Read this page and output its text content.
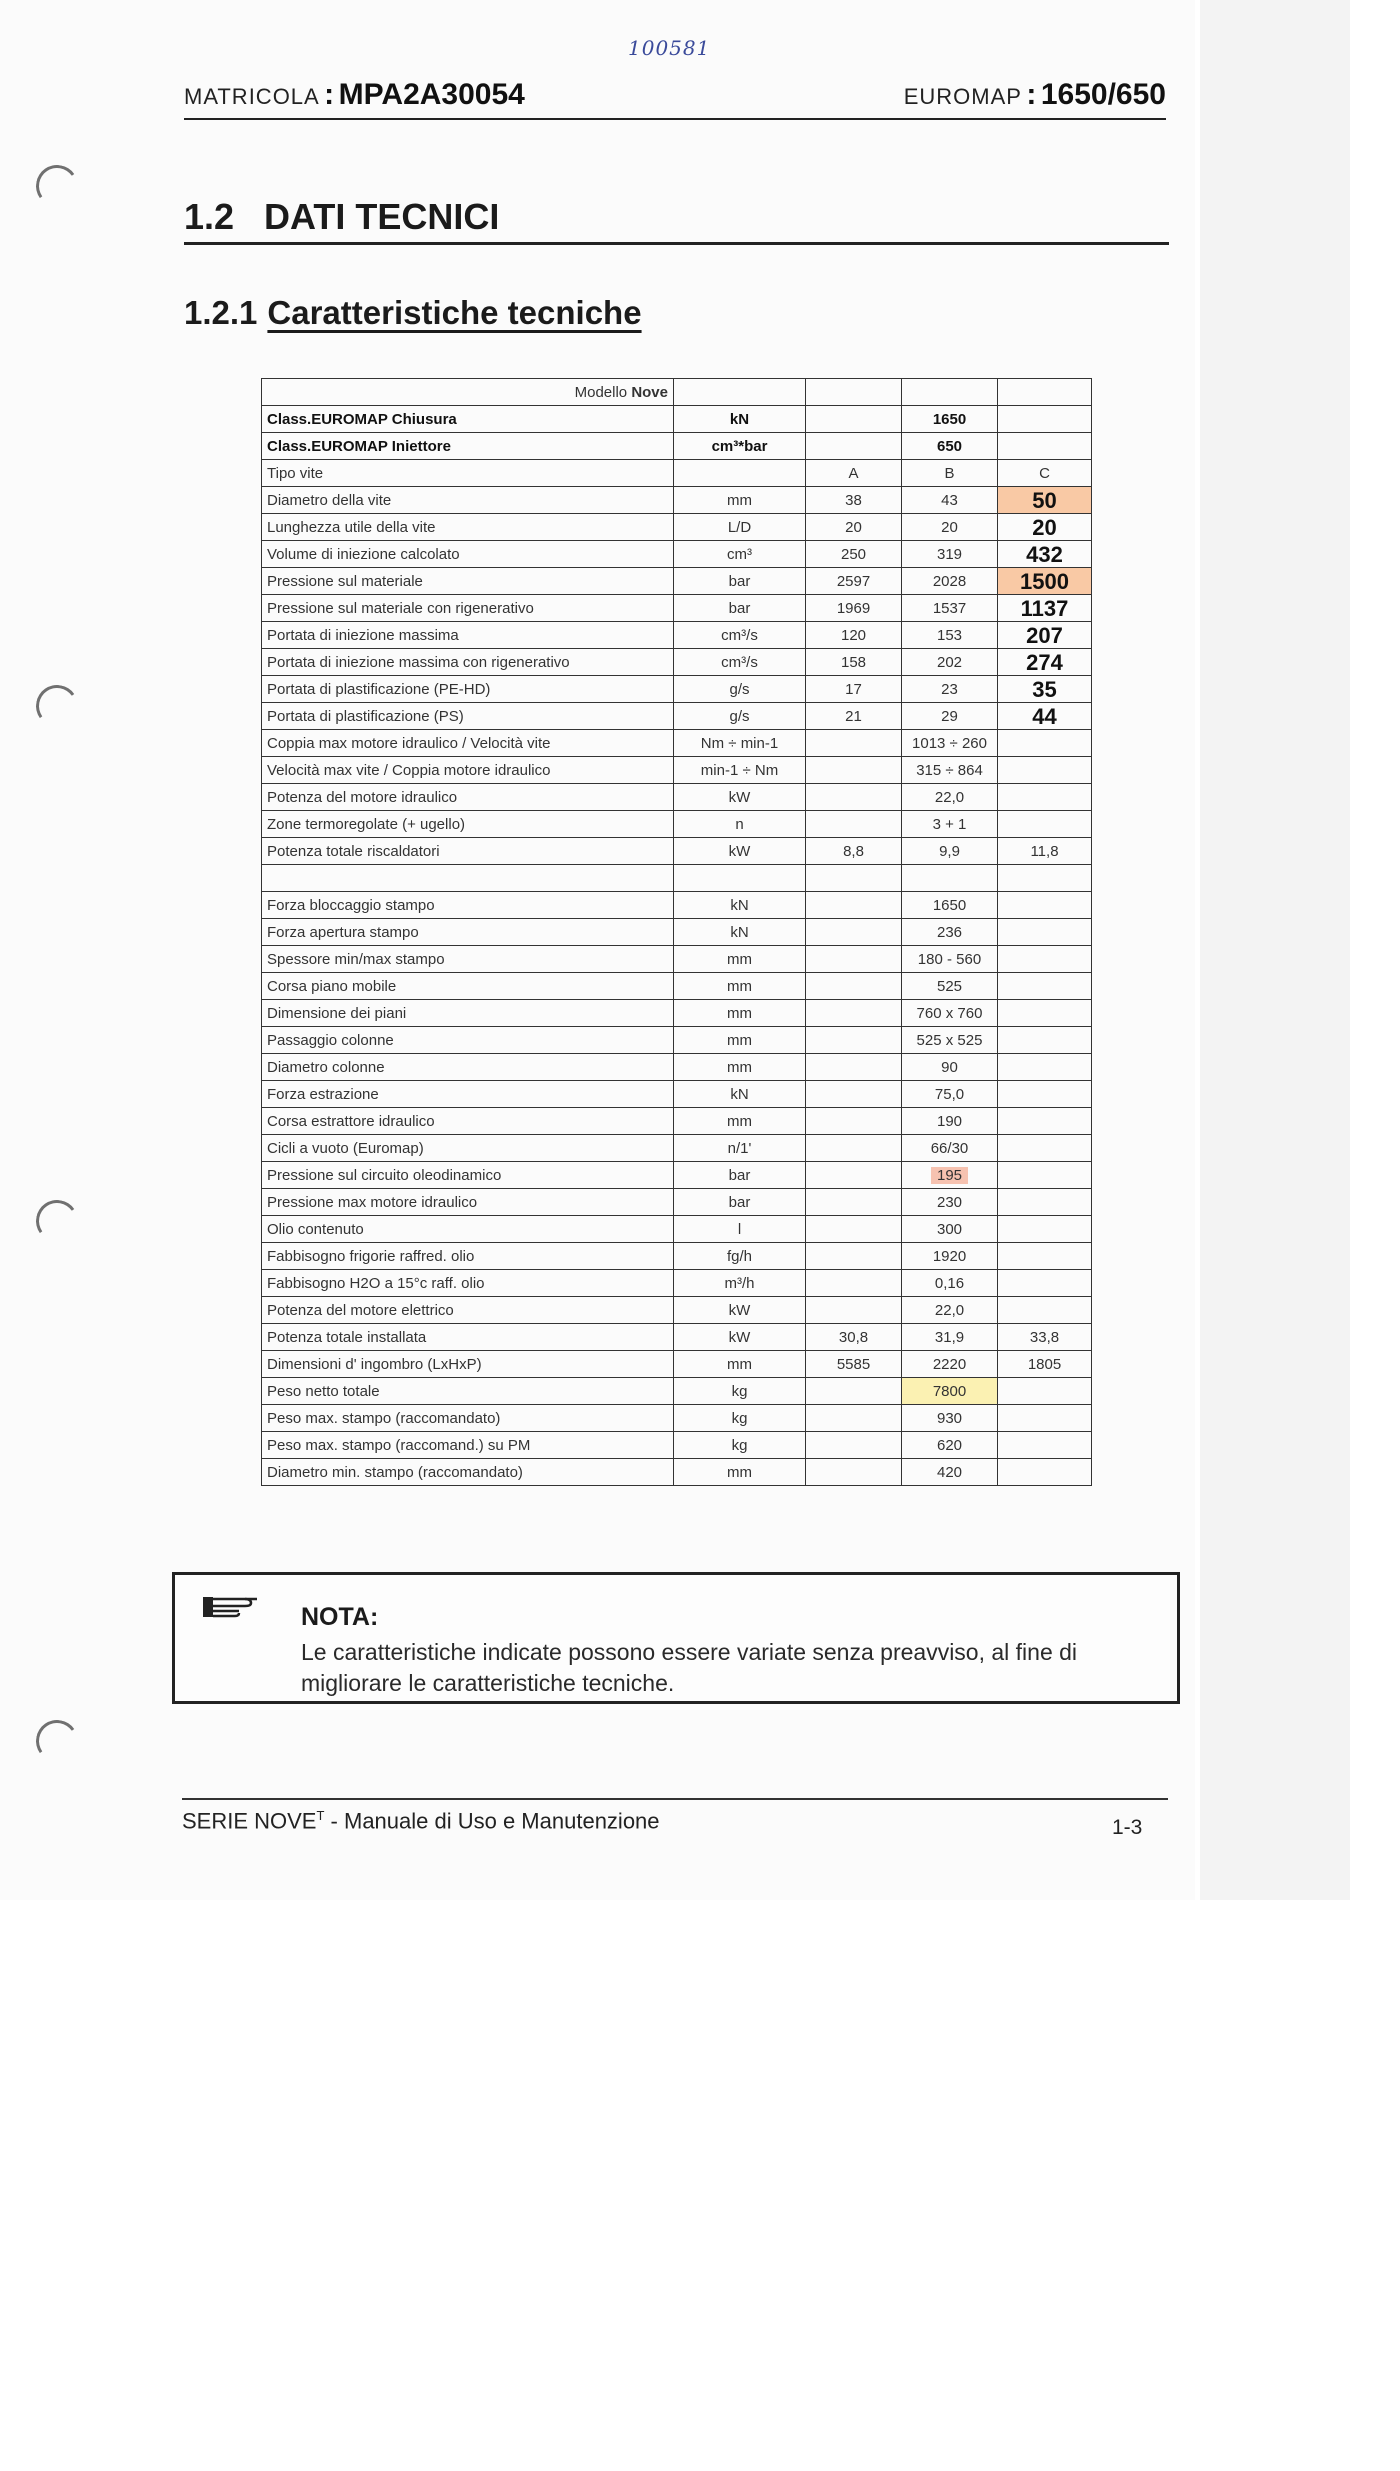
100581
MATRICOLA : MPA2A30054	EUROMAP : 1650/650
1.2 DATI TECNICI
1.2.1 Caratteristiche tecniche
Modello Nove				
Class.EUROMAP Chiusura	kN		1650	
Class.EUROMAP Iniettore	cm³*bar		650	
Tipo vite		A	B	C
Diametro della vite	mm	38	43	50
Lunghezza utile della vite	L/D	20	20	20
Volume di iniezione calcolato	cm³	250	319	432
Pressione sul materiale	bar	2597	2028	1500
Pressione sul materiale con rigenerativo	bar	1969	1537	1137
Portata di iniezione massima	cm³/s	120	153	207
Portata di iniezione massima con rigenerativo	cm³/s	158	202	274
Portata di plastificazione (PE-HD)	g/s	17	23	35
Portata di plastificazione (PS)	g/s	21	29	44
Coppia max motore idraulico / Velocità vite	Nm ÷ min-1		1013 ÷ 260	
Velocità max vite / Coppia motore idraulico	min-1 ÷ Nm		315 ÷ 864	
Potenza del motore idraulico	kW		22,0	
Zone termoregolate (+ ugello)	n		3 + 1	
Potenza totale riscaldatori	kW	8,8	9,9	11,8

Forza bloccaggio stampo	kN		1650	
Forza apertura stampo	kN		236	
Spessore min/max stampo	mm		180 - 560	
Corsa piano mobile	mm		525	
Dimensione dei piani	mm		760 x 760	
Passaggio colonne	mm		525 x 525	
Diametro colonne	mm		90	
Forza estrazione	kN		75,0	
Corsa estrattore idraulico	mm		190	
Cicli a vuoto (Euromap)	n/1'		66/30	
Pressione sul circuito oleodinamico	bar		195	
Pressione max motore idraulico	bar		230	
Olio contenuto	l		300	
Fabbisogno frigorie raffred. olio	fg/h		1920	
Fabbisogno H2O a 15°c raff. olio	m³/h		0,16	
Potenza del motore elettrico	kW		22,0	
Potenza totale installata	kW	30,8	31,9	33,8
Dimensioni d' ingombro (LxHxP)	mm	5585	2220	1805
Peso netto totale	kg		7800	
Peso max. stampo (raccomandato)	kg		930	
Peso max. stampo (raccomand.) su PM	kg		620	
Diametro min. stampo (raccomandato)	mm		420	
NOTA:
Le caratteristiche indicate possono essere variate senza preavviso, al fine di migliorare le caratteristiche tecniche.
SERIE $NOVE^T$ - Manuale di Uso e Manutenzione	1-3
